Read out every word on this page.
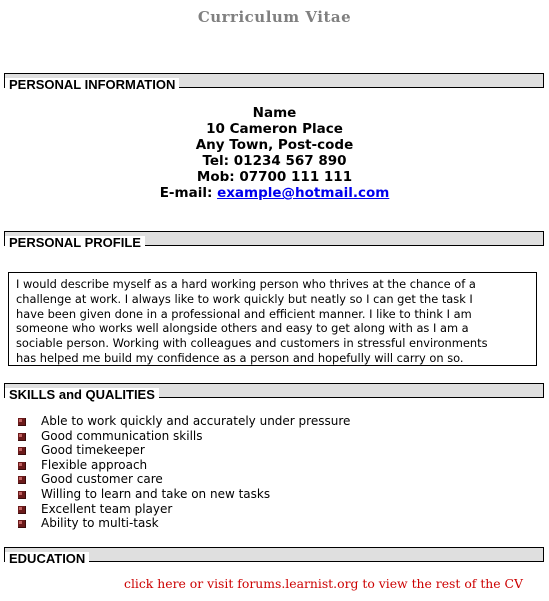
Curriculum Vitae
PERSONAL INFORMATION
Name
10 Cameron Place
Any Town, Post-code
Tel: 01234 567 890
Mob: 07700 111 111
E-mail: example@hotmail.com
PERSONAL PROFILE
I would describe myself as a hard working person who thrives at the chance of a
challenge at work. I always like to work quickly but neatly so I can get the task I
have been given done in a professional and efficient manner. I like to think I am
someone who works well alongside others and easy to get along with as I am a
sociable person. Working with colleagues and customers in stressful environments
has helped me build my confidence as a person and hopefully will carry on so.
SKILLS and QUALITIES
Able to work quickly and accurately under pressure
Good communication skills
Good timekeeper
Flexible approach
Good customer care
Willing to learn and take on new tasks
Excellent team player
Ability to multi-task
EDUCATION
click here or visit forums.learnist.org to view the rest of the CV
